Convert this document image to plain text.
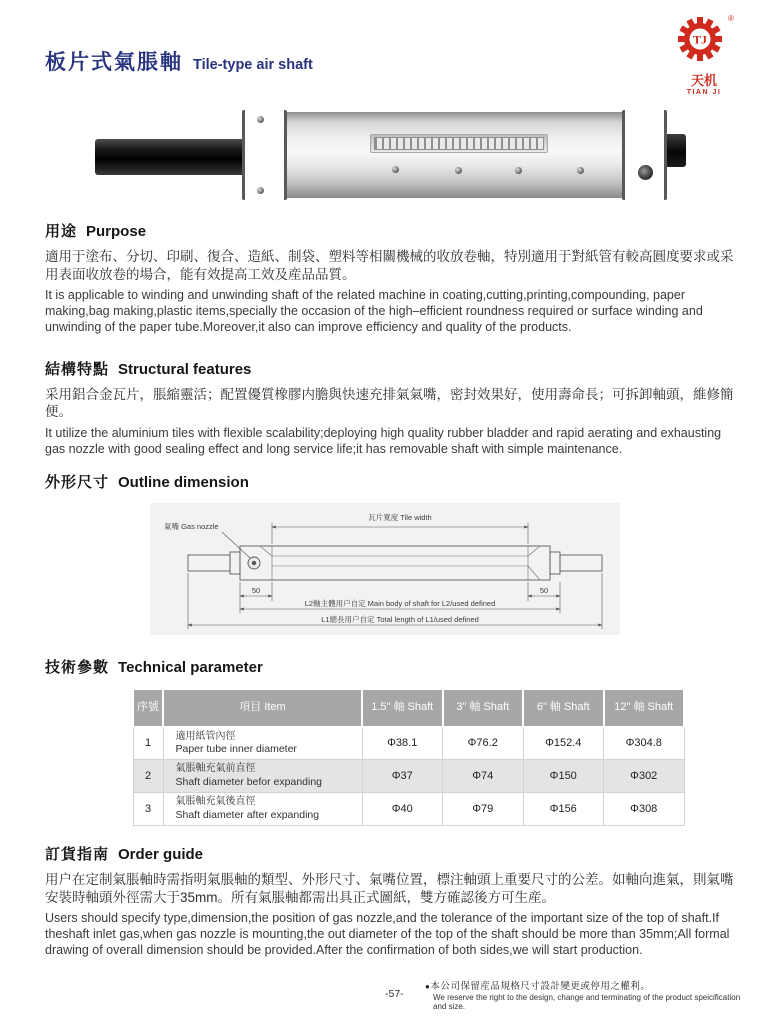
板片式氣脹軸 Tile-type air shaft
TJ
®
天机
TIAN JI
用途 Purpose

適用于塗布、分切、印刷、復合、造紙、制袋、塑料等相關機械的收放卷軸，特別適用于對紙管有較高圓度要求或采用表面收放卷的場合，能有效提高工效及産品品質。

It is applicable to winding and unwinding shaft of the related machine in coating,cutting,printing,compounding, paper making,bag making,plastic items,specially the occasion of the high–efficient roundness required or surface winding and unwinding of the paper tube.Moreover,it also can improve efficiency and quality of the products.

結構特點 Structural features

采用鋁合金瓦片，脹縮靈活；配置優質橡膠内膽與快速充排氣氣嘴，密封效果好，使用壽命長；可拆卸軸頭，維修簡便。

It utilize the aluminium tiles with flexible scalability;deploying high quality rubber bladder and rapid aerating and exhausting gas nozzle with good sealing effect and long service life;it has removable shaft with simple maintenance.

外形尺寸 Outline dimension
氣嘴 Gas nozzle
瓦片寬度 Tile width
50	50
L2軸主體用户自定 Main body of shaft for L2/used defined
L1總長用户自定 Total length of L1/used defined
技術參數 Technical parameter
序號	項目 Item	1.5" 軸 Shaft	3" 軸 Shaft	6" 軸 Shaft	12" 軸 Shaft
1	適用紙管內徑
Paper tube inner diameter	Φ38.1	Φ76.2	Φ152.4	Φ304.8
2	氣脹軸充氣前直徑
Shaft diameter befor expanding	Φ37	Φ74	Φ150	Φ302
3	氣脹軸充氣後直徑
Shaft diameter after expanding	Φ40	Φ79	Φ156	Φ308
訂貨指南 Order guide

用户在定制氣脹軸時需指明氣脹軸的類型、外形尺寸、氣嘴位置，標注軸頭上重要尺寸的公差。如軸向進氣，則氣嘴安裝時軸頭外徑需大于35mm。所有氣脹軸都需出具正式圖紙，雙方確認後方可生産。

Users should specify type,dimension,the position of gas nozzle,and the tolerance of the important size of the top of shaft.If theshaft inlet gas,when gas nozzle is mounting,the out diameter of the top of the shaft should be more than 35mm;All formal drawing of overall dimension should be provided.After the confirmation of both sides,we will start production.

-57-
● 本公司保留産品規格尺寸設計變更或停用之權利。
We reserve the right to the design, change and terminating of the product speicification and size.
